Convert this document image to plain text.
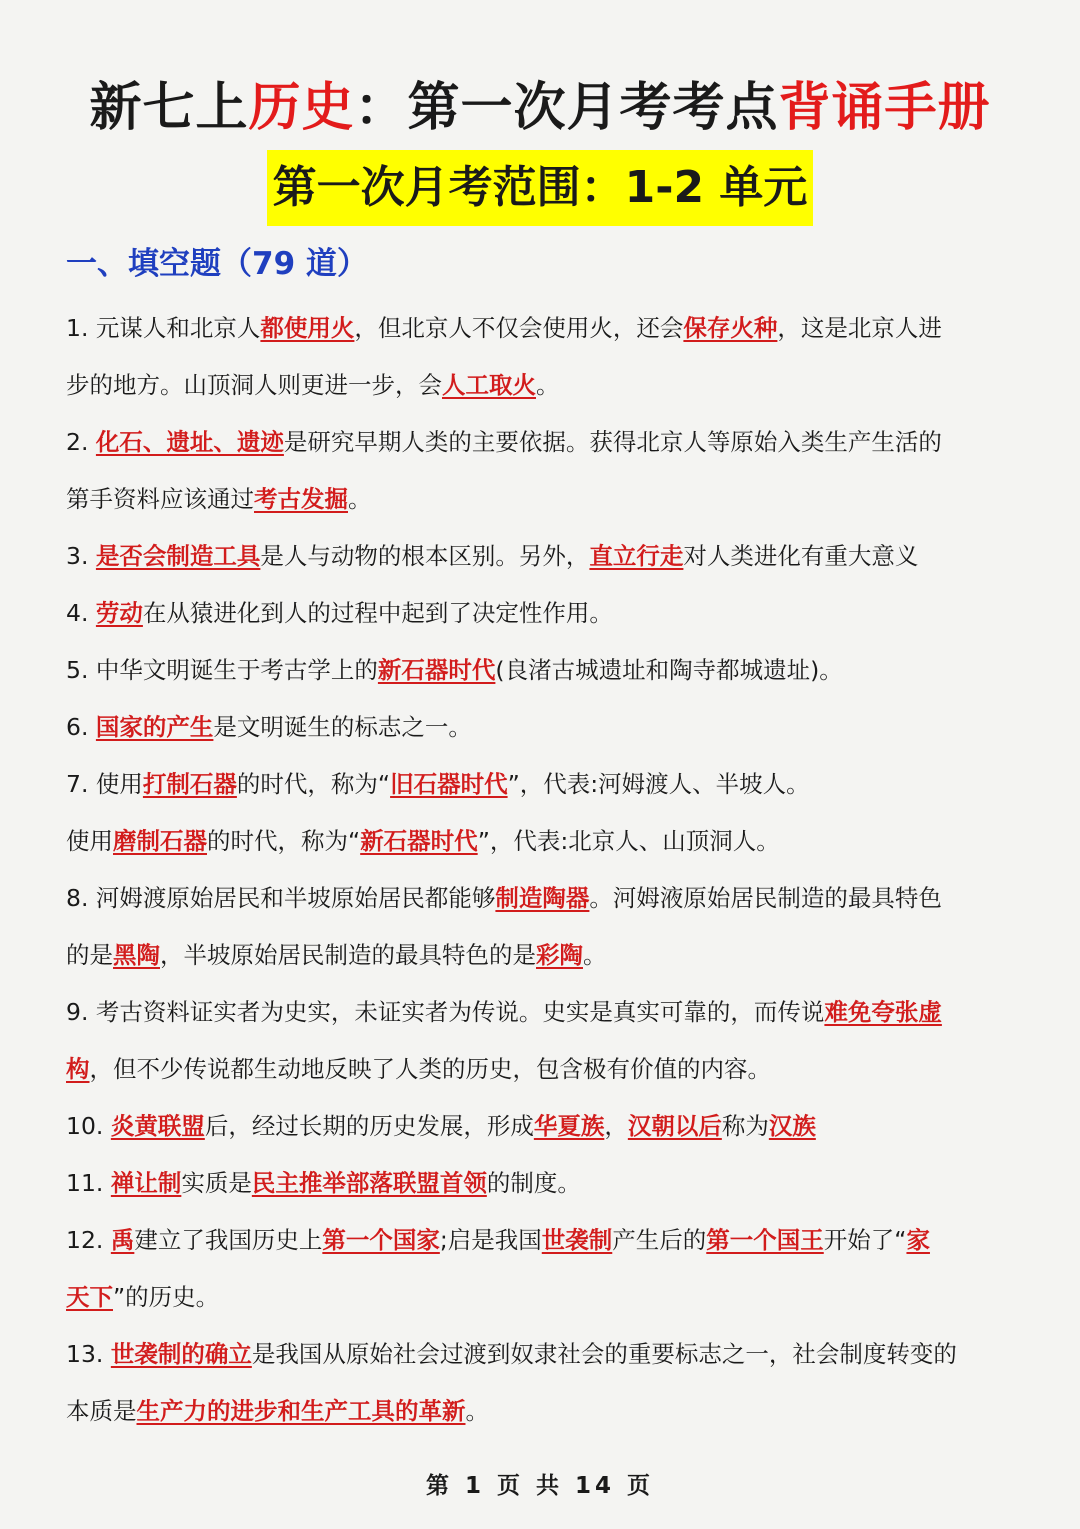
新七上历史：第一次月考考点背诵手册
第一次月考范围：1-2 单元
一、填空题（79 道）
1. 元谋人和北京人都使用火，但北京人不仅会使用火，还会保存火种，这是北京人进
步的地方。山顶洞人则更进一步，会人工取火。
2. 化石、遗址、遗迹是研究早期人类的主要依据。获得北京人等原始入类生产生活的
第手资料应该通过考古发掘。
3. 是否会制造工具是人与动物的根本区别。另外，直立行走对人类进化有重大意义
4. 劳动在从猿进化到人的过程中起到了决定性作用。
5. 中华文明诞生于考古学上的新石器时代(良渚古城遗址和陶寺都城遗址)。
6. 国家的产生是文明诞生的标志之一。
7. 使用打制石器的时代，称为“旧石器时代”，代表:河姆渡人、半坡人。
使用磨制石器的时代，称为“新石器时代”，代表:北京人、山顶洞人。
8. 河姆渡原始居民和半坡原始居民都能够制造陶器。河姆液原始居民制造的最具特色
的是黑陶，半坡原始居民制造的最具特色的是彩陶。
9. 考古资料证实者为史实，未证实者为传说。史实是真实可靠的，而传说难免夸张虚
构，但不少传说都生动地反映了人类的历史，包含极有价值的内容。
10. 炎黄联盟后，经过长期的历史发展，形成华夏族，汉朝以后称为汉族
11. 禅让制实质是民主推举部落联盟首领的制度。
12. 禹建立了我国历史上第一个国家;启是我国世袭制产生后的第一个国王开始了“家
天下”的历史。
13. 世袭制的确立是我国从原始社会过渡到奴隶社会的重要标志之一，社会制度转变的
本质是生产力的进步和生产工具的革新。
第 1 页 共 14 页
